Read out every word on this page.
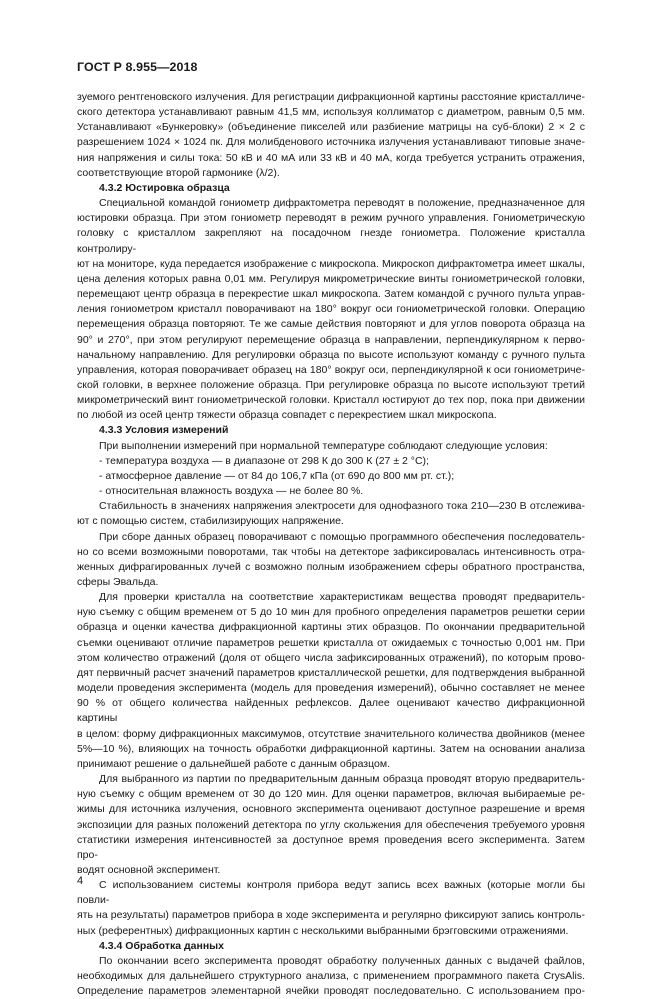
ГОСТ Р 8.955—2018

зуемого рентгеновского излучения. Для регистрации дифракционной картины расстояние кристалличе-

ского детектора устанавливают равным 41,5 мм, используя коллиматор с диаметром, равным 0,5 мм.

Устанавливают «Бункеровку» (объединение пикселей или разбиение матрицы на суб-блоки) 2 × 2 с

разрешением 1024 × 1024 пк. Для молибденового источника излучения устанавливают типовые значе-

ния напряжения и силы тока: 50 кВ и 40 мА или 33 кВ и 40 мА, когда требуется устранить отражения,

соответствующие второй гармонике (λ/2).

4.3.2 Юстировка образца

Специальной командой гониометр дифрактометра переводят в положение, предназначенное для

юстировки образца. При этом гониометр переводят в режим ручного управления. Гониометрическую

головку с кристаллом закрепляют на посадочном гнезде гониометра. Положение кристалла контролиру-

ют на мониторе, куда передается изображение с микроскопа. Микроскоп дифрактометра имеет шкалы,

цена деления которых равна 0,01 мм. Регулируя микрометрические винты гониометрической головки,

перемещают центр образца в перекрестие шкал микроскопа. Затем командой с ручного пульта управ-

ления гониометром кристалл поворачивают на 180° вокруг оси гониометрической головки. Операцию

перемещения образца повторяют. Те же самые действия повторяют и для углов поворота образца на

90° и 270°, при этом регулируют перемещение образца в направлении, перпендикулярном к перво-

начальному направлению. Для регулировки образца по высоте используют команду с ручного пульта

управления, которая поворачивает образец на 180° вокруг оси, перпендикулярной к оси гониометриче-

ской головки, в верхнее положение образца. При регулировке образца по высоте используют третий

микрометрический винт гониометрической головки. Кристалл юстируют до тех пор, пока при движении

по любой из осей центр тяжести образца совпадет с перекрестием шкал микроскопа.

4.3.3 Условия измерений

При выполнении измерений при нормальной температуре соблюдают следующие условия:

- температура воздуха — в диапазоне от 298 К до 300 К (27 ± 2 °С);
- атмосферное давление — от 84 до 106,7 кПа (от 690 до 800 мм рт. ст.);
- относительная влажность воздуха — не более 80 %.

Стабильность в значениях напряжения электросети для однофазного тока 210—230 В отслежива-

ют с помощью систем, стабилизирующих напряжение.

При сборе данных образец поворачивают с помощью программного обеспечения последователь-

но со всеми возможными поворотами, так чтобы на детекторе зафиксировалась интенсивность отра-

женных дифрагированных лучей с возможно полным изображением сферы обратного пространства,

сферы Эвальда.

Для проверки кристалла на соответствие характеристикам вещества проводят предваритель-

ную съемку с общим временем от 5 до 10 мин для пробного определения параметров решетки серии

образца и оценки качества дифракционной картины этих образцов. По окончании предварительной

съемки оценивают отличие параметров решетки кристалла от ожидаемых с точностью 0,001 нм. При

этом количество отражений (доля от общего числа зафиксированных отражений), по которым прово-

дят первичный расчет значений параметров кристаллической решетки, для подтверждения выбранной

модели проведения эксперимента (модель для проведения измерений), обычно составляет не менее

90 % от общего количества найденных рефлексов. Далее оценивают качество дифракционной картины

в целом: форму дифракционных максимумов, отсутствие значительного количества двойников (менее

5%—10 %), влияющих на точность обработки дифракционной картины. Затем на основании анализа

принимают решение о дальнейшей работе с данным образцом.

Для выбранного из партии по предварительным данным образца проводят вторую предваритель-

ную съемку с общим временем от 30 до 120 мин. Для оценки параметров, включая выбираемые ре-

жимы для источника излучения, основного эксперимента оценивают доступное разрешение и время

экспозиции для разных положений детектора по углу скольжения для обеспечения требуемого уровня

статистики измерения интенсивностей за доступное время проведения всего эксперимента. Затем про-

водят основной эксперимент.

С использованием системы контроля прибора ведут запись всех важных (которые могли бы повли-

ять на результаты) параметров прибора в ходе эксперимента и регулярно фиксируют запись контроль-

ных (референтных) дифракционных картин с несколькими выбранными брэгговскими отражениями.

4.3.4 Обработка данных

По окончании всего эксперимента проводят обработку полученных данных с выдачей файлов,

необходимых для дальнейшего структурного анализа, с применением программного пакета CrysAlis.

Определение параметров элементарной ячейки проводят последовательно. С использованием про-

4
